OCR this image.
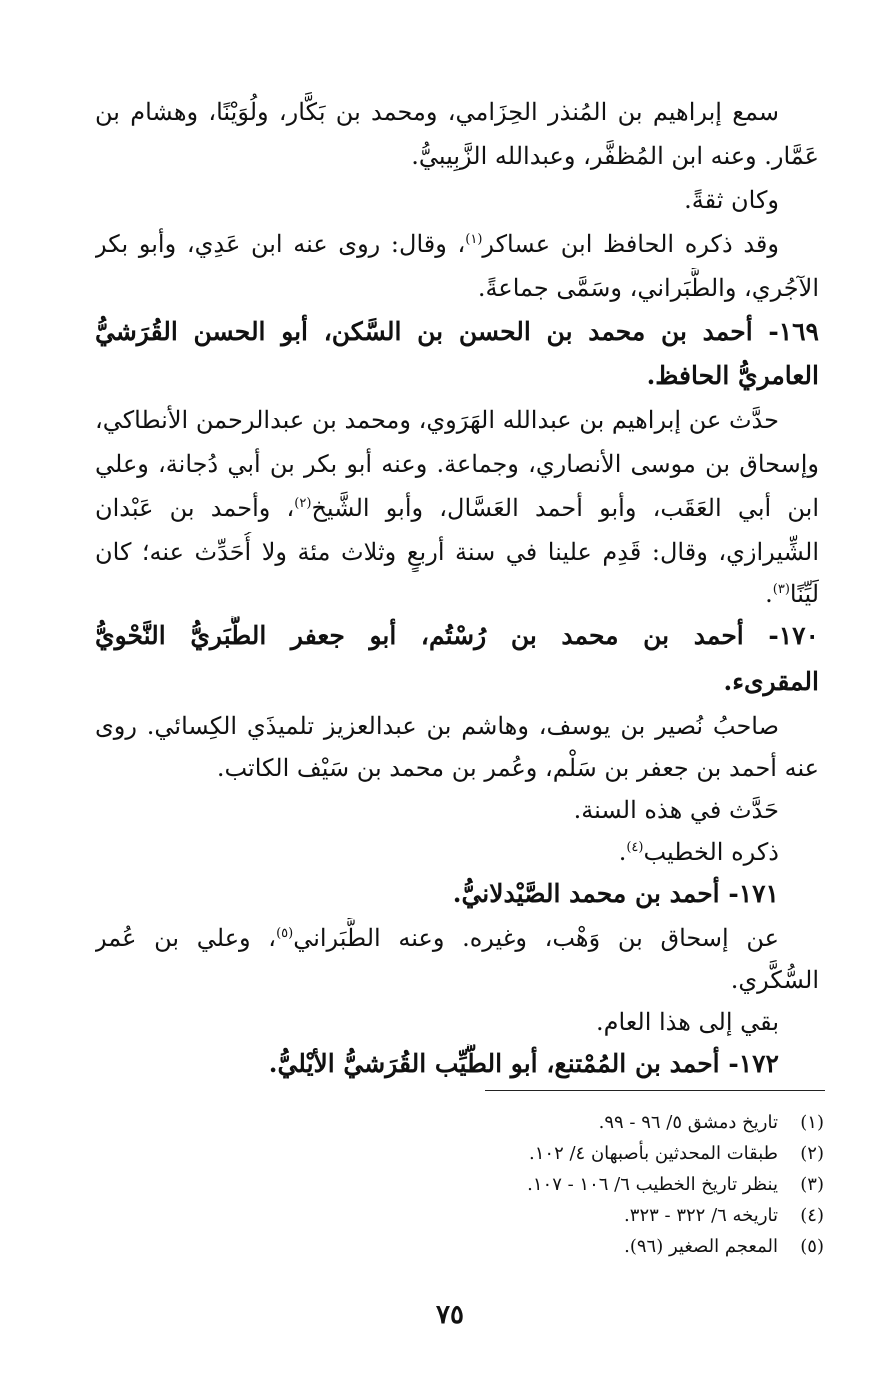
سمع إبراهيم بن المُنذر الحِزَامي، ومحمد بن بَكَّار، ولُوَيْنًا، وهشام بن
عَمَّار. وعنه ابن المُظفَّر، وعبدالله الزَّبِيبيُّ.
وكان ثقةً.
وقد ذكره الحافظ ابن عساكر$^{(١)}$، وقال: روى عنه ابن عَدِي، وأبو بكر
الآجُري، والطَّبَراني، وسَمَّى جماعةً.
١٦٩- أحمد بن محمد بن الحسن بن السَّكن، أبو الحسن القُرَشيُّ
العامريُّ الحافظ.
حدَّث عن إبراهيم بن عبدالله الهَرَوي، ومحمد بن عبدالرحمن الأنطاكي،
وإسحاق بن موسى الأنصاري، وجماعة. وعنه أبو بكر بن أبي دُجانة، وعلي
ابن أبي العَقَب، وأبو أحمد العَسَّال، وأبو الشَّيخ$^{(٢)}$، وأحمد بن عَبْدان
الشِّيرازي، وقال: قَدِم علينا في سنة أربعٍ وثلاث مئة ولا أُحَدِّث عنه؛ كان
لَيِّنًا$^{(٣)}$.
١٧٠- أحمد بن محمد بن رُسْتُم، أبو جعفر الطَّبَريُّ النَّحْويُّ
المقرىء.
صاحبُ نُصير بن يوسف، وهاشم بن عبدالعزيز تلميذَي الكِسائي. روى
عنه أحمد بن جعفر بن سَلْم، وعُمر بن محمد بن سَيْف الكاتب.
حَدَّث في هذه السنة.
ذكره الخطيب$^{(٤)}$.
١٧١- أحمد بن محمد الصَّيْدلانيُّ.
عن إسحاق بن وَهْب، وغيره. وعنه الطَّبَراني$^{(٥)}$، وعلي بن عُمر
السُّكَّري.
بقي إلى هذا العام.
١٧٢- أحمد بن المُمْتنع، أبو الطَّيِّب القُرَشيُّ الأيْليُّ.
(١)تاريخ دمشق ٥/ ٩٦ - ٩٩.
(٢)طبقات المحدثين بأصبهان ٤/ ١٠٢.
(٣)ينظر تاريخ الخطيب ٦/ ١٠٦ - ١٠٧.
(٤)تاريخه ٦/ ٣٢٢ - ٣٢٣.
(٥)المعجم الصغير (٩٦).
٧٥
